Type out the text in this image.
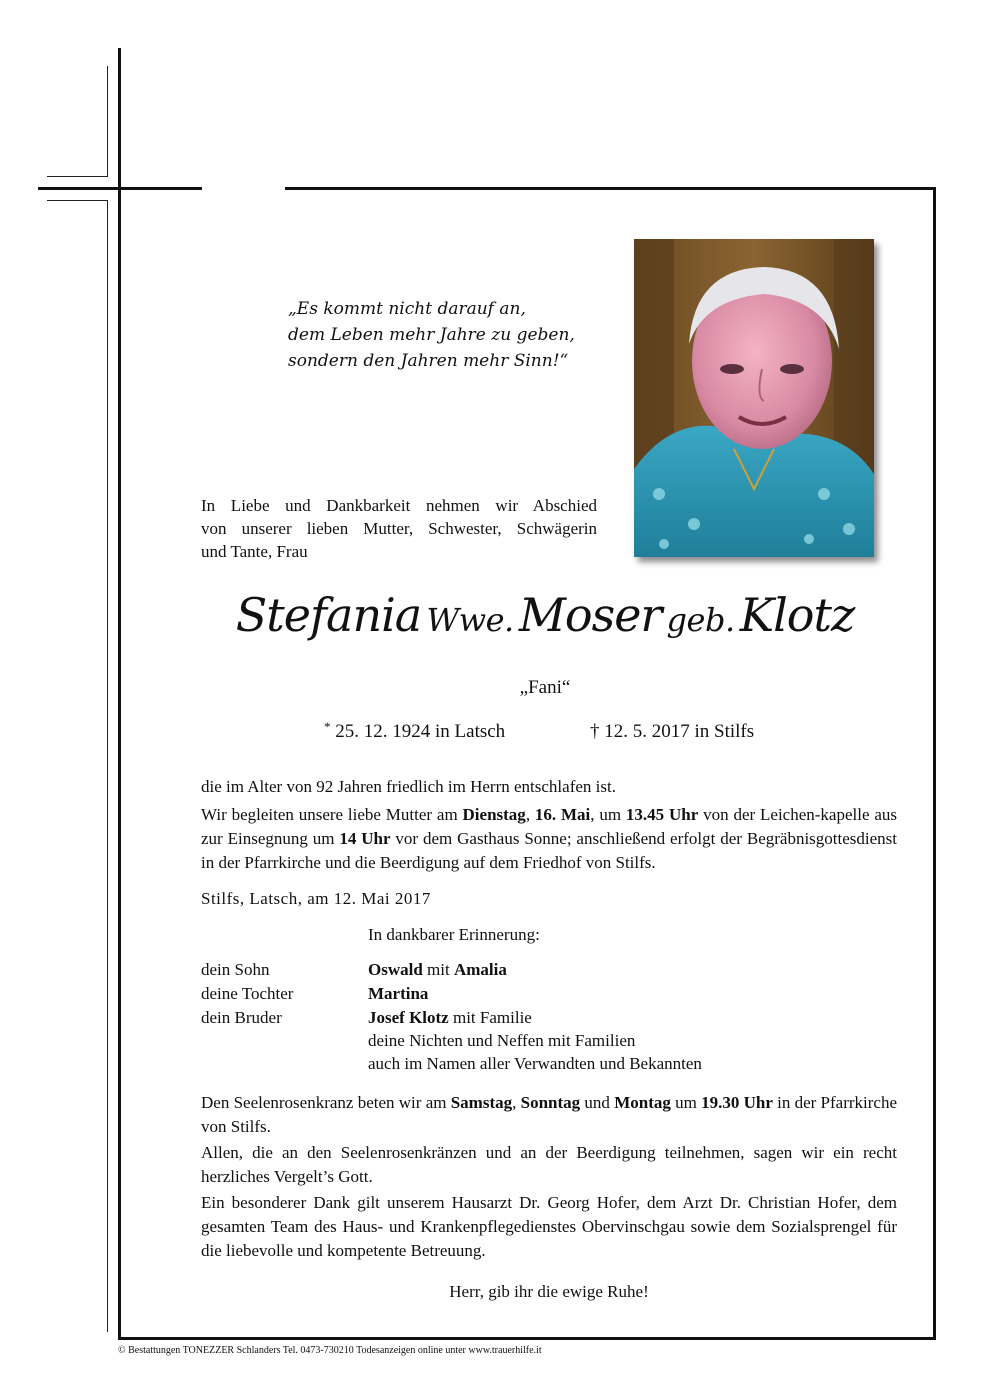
„Es kommt nicht darauf an,
dem Leben mehr Jahre zu geben,
sondern den Jahren mehr Sinn!“
In Liebe und Dankbarkeit nehmen wir Abschied
von unserer lieben Mutter, Schwester, Schwägerin
und Tante, Frau
Stefania Wwe. Moser geb. Klotz
„Fani“
* 25. 12. 1924 in Latsch	† 12. 5. 2017 in Stilfs
die im Alter von 92 Jahren friedlich im Herrn entschlafen ist.
Wir begleiten unsere liebe Mutter am Dienstag, 16. Mai, um 13.45 Uhr von der Leichen-kapelle aus zur Einsegnung um 14 Uhr vor dem Gasthaus Sonne; anschließend erfolgt der Begräbnisgottesdienst in der Pfarrkirche und die Beerdigung auf dem Friedhof von Stilfs.
Stilfs, Latsch, am 12. Mai 2017
In dankbarer Erinnerung:
dein Sohn	Oswald mit Amalia
deine Tochter	Martina
dein Bruder	Josef Klotz mit Familie
deine Nichten und Neffen mit Familien
auch im Namen aller Verwandten und Bekannten
Den Seelenrosenkranz beten wir am Samstag, Sonntag und Montag um 19.30 Uhr in der Pfarrkirche von Stilfs.
Allen, die an den Seelenrosenkränzen und an der Beerdigung teilnehmen, sagen wir ein recht herzliches Vergelt’s Gott.
Ein besonderer Dank gilt unserem Hausarzt Dr. Georg Hofer, dem Arzt Dr. Christian Hofer, dem gesamten Team des Haus- und Krankenpflegedienstes Obervinschgau sowie dem Sozialsprengel für die liebevolle und kompetente Betreuung.
Herr, gib ihr die ewige Ruhe!
© Bestattungen TONEZZER Schlanders Tel. 0473-730210 Todesanzeigen online unter www.trauerhilfe.it
